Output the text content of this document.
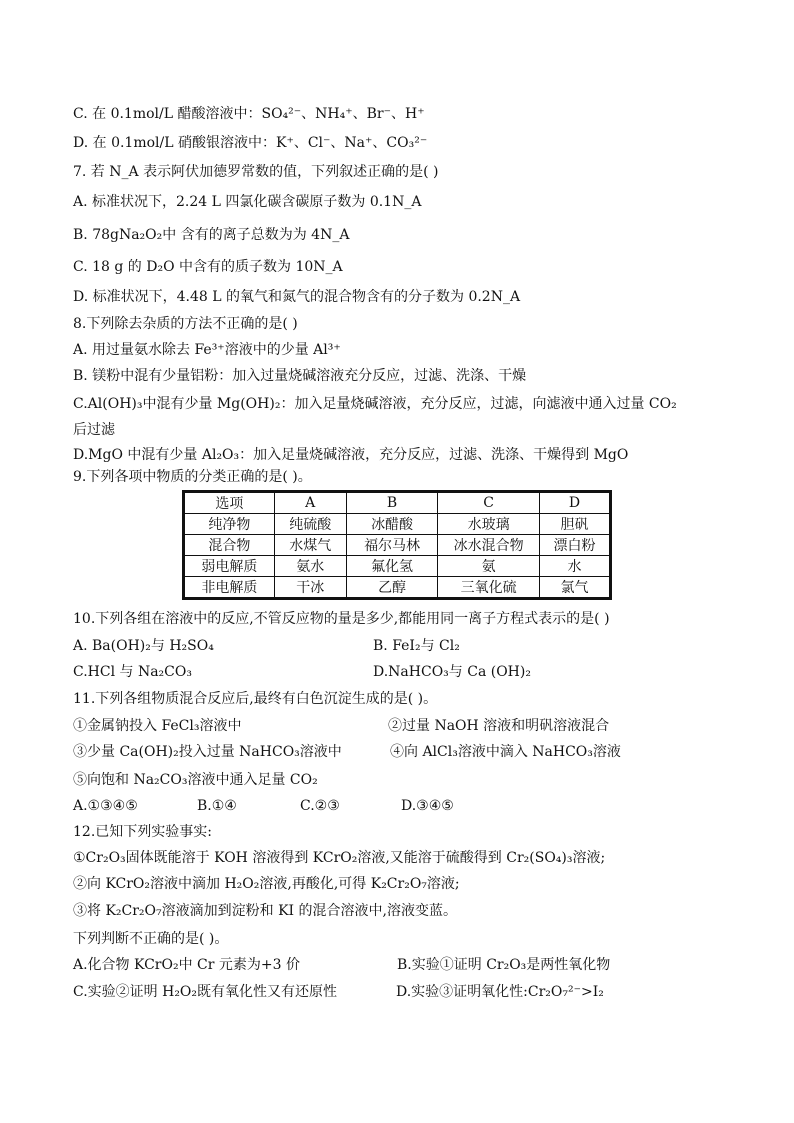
C. 在 0.1mol/L 醋酸溶液中：SO₄²⁻、NH₄⁺、Br⁻、H⁺
D. 在 0.1mol/L 硝酸银溶液中：K⁺、Cl⁻、Na⁺、CO₃²⁻
7. 若 N_A 表示阿伏加德罗常数的值，下列叙述正确的是( )
A. 标准状况下，2.24 L 四氯化碳含碳原子数为 0.1N_A
B. 78gNa₂O₂中 含有的离子总数为为 4N_A
C. 18 g 的 D₂O 中含有的质子数为 10N_A
D. 标准状况下，4.48 L 的氧气和氮气的混合物含有的分子数为 0.2N_A
8.下列除去杂质的方法不正确的是( )
A. 用过量氨水除去 Fe³⁺溶液中的少量 Al³⁺
B. 镁粉中混有少量铝粉：加入过量烧碱溶液充分反应，过滤、洗涤、干燥
C.Al(OH)₃中混有少量 Mg(OH)₂：加入足量烧碱溶液，充分反应，过滤，向滤液中通入过量 CO₂
后过滤
D.MgO 中混有少量 Al₂O₃：加入足量烧碱溶液，充分反应，过滤、洗涤、干燥得到 MgO
9.下列各项中物质的分类正确的是( )。
选项	A	B	C	D
纯净物	纯硫酸	冰醋酸	水玻璃	胆矾
混合物	水煤气	福尔马林	冰水混合物	漂白粉
弱电解质	氨水	氟化氢	氨	水
非电解质	干冰	乙醇	三氧化硫	氯气
10.下列各组在溶液中的反应,不管反应物的量是多少,都能用同一离子方程式表示的是( )
A. Ba(OH)₂与 H₂SO₄	B. FeI₂与 Cl₂
C.HCl 与 Na₂CO₃	D.NaHCO₃与 Ca (OH)₂
11.下列各组物质混合反应后,最终有白色沉淀生成的是( )。
①金属钠投入 FeCl₃溶液中	②过量 NaOH 溶液和明矾溶液混合
③少量 Ca(OH)₂投入过量 NaHCO₃溶液中	④向 AlCl₃溶液中滴入 NaHCO₃溶液
⑤向饱和 Na₂CO₃溶液中通入足量 CO₂
A.①③④⑤	B.①④	C.②③	D.③④⑤
12.已知下列实验事实:
①Cr₂O₃固体既能溶于 KOH 溶液得到 KCrO₂溶液,又能溶于硫酸得到 Cr₂(SO₄)₃溶液;
②向 KCrO₂溶液中滴加 H₂O₂溶液,再酸化,可得 K₂Cr₂O₇溶液;
③将 K₂Cr₂O₇溶液滴加到淀粉和 KI 的混合溶液中,溶液变蓝。
下列判断不正确的是( )。
A.化合物 KCrO₂中 Cr 元素为+3 价	B.实验①证明 Cr₂O₃是两性氧化物
C.实验②证明 H₂O₂既有氧化性又有还原性	D.实验③证明氧化性:Cr₂O₇²⁻>I₂
